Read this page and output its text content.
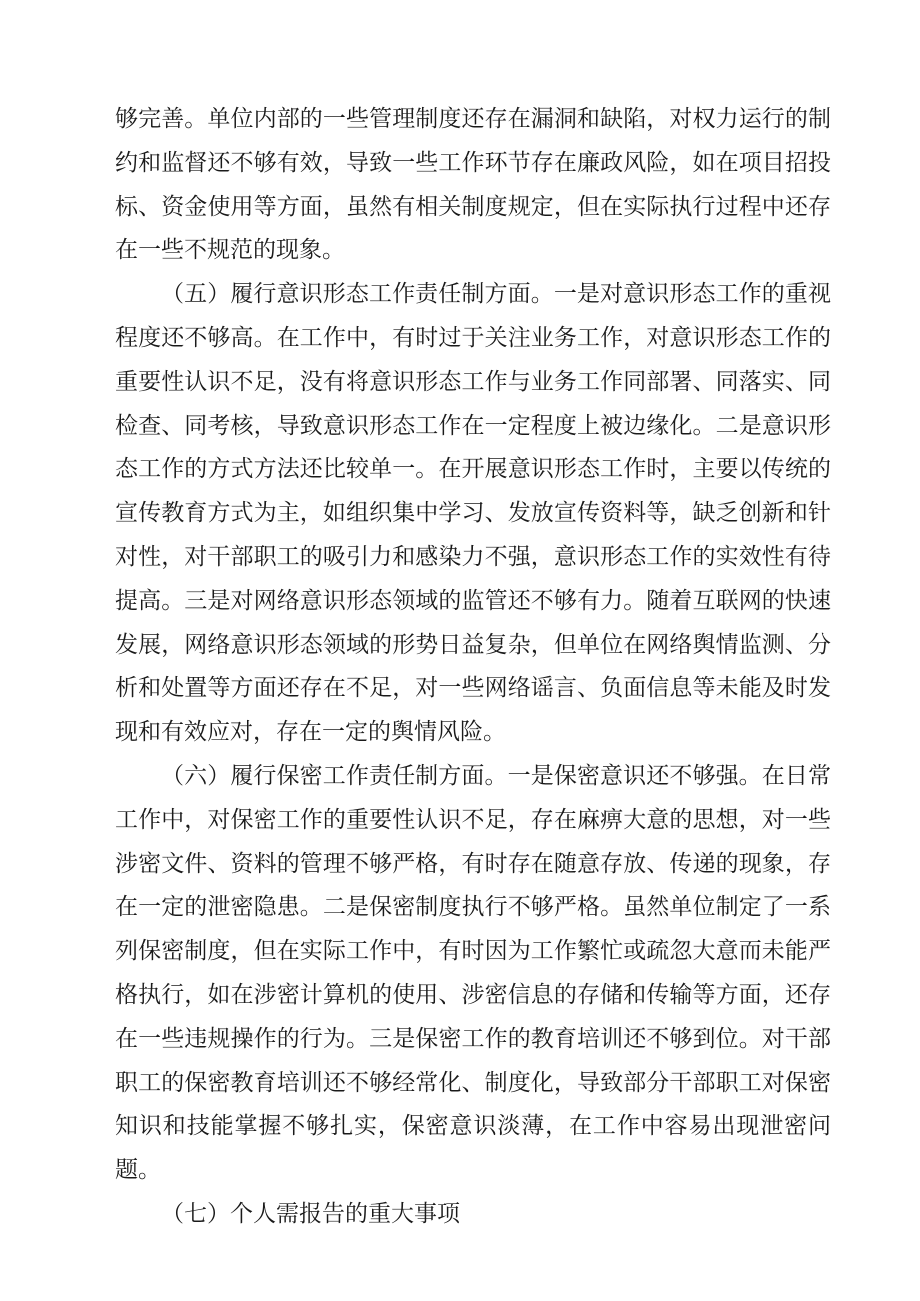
够完善。单位内部的一些管理制度还存在漏洞和缺陷，对权力运行的制约和监督还不够有效，导致一些工作环节存在廉政风险，如在项目招投标、资金使用等方面，虽然有相关制度规定，但在实际执行过程中还存在一些不规范的现象。

（五）履行意识形态工作责任制方面。一是对意识形态工作的重视程度还不够高。在工作中，有时过于关注业务工作，对意识形态工作的重要性认识不足，没有将意识形态工作与业务工作同部署、同落实、同检查、同考核，导致意识形态工作在一定程度上被边缘化。二是意识形态工作的方式方法还比较单一。在开展意识形态工作时，主要以传统的宣传教育方式为主，如组织集中学习、发放宣传资料等，缺乏创新和针对性，对干部职工的吸引力和感染力不强，意识形态工作的实效性有待提高。三是对网络意识形态领域的监管还不够有力。随着互联网的快速发展，网络意识形态领域的形势日益复杂，但单位在网络舆情监测、分析和处置等方面还存在不足，对一些网络谣言、负面信息等未能及时发现和有效应对，存在一定的舆情风险。

（六）履行保密工作责任制方面。一是保密意识还不够强。在日常工作中，对保密工作的重要性认识不足，存在麻痹大意的思想，对一些涉密文件、资料的管理不够严格，有时存在随意存放、传递的现象，存在一定的泄密隐患。二是保密制度执行不够严格。虽然单位制定了一系列保密制度，但在实际工作中，有时因为工作繁忙或疏忽大意而未能严格执行，如在涉密计算机的使用、涉密信息的存储和传输等方面，还存在一些违规操作的行为。三是保密工作的教育培训还不够到位。对干部职工的保密教育培训还不够经常化、制度化，导致部分干部职工对保密知识和技能掌握不够扎实，保密意识淡薄，在工作中容易出现泄密问题。

（七）个人需报告的重大事项
